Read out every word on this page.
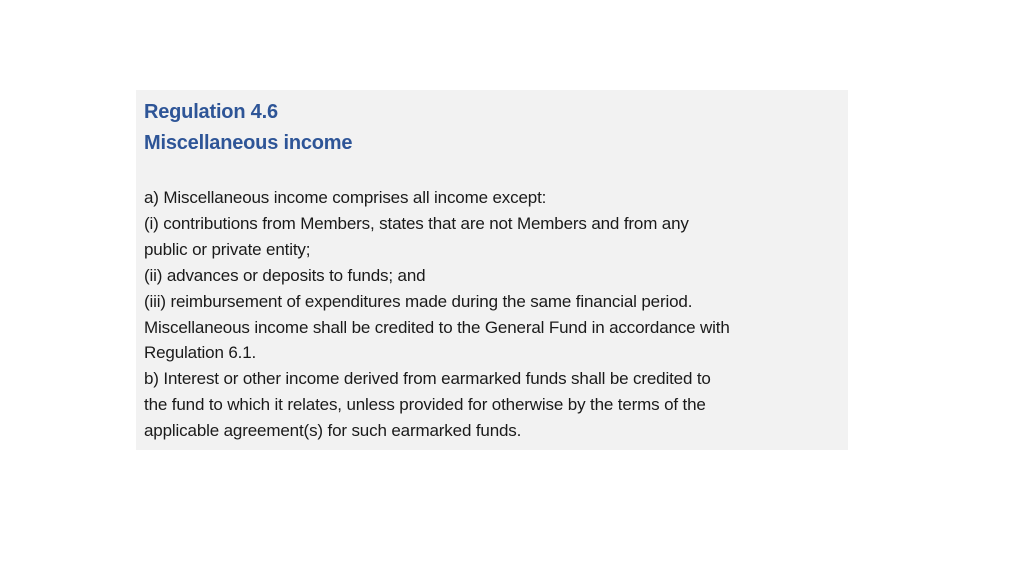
Regulation 4.6
Miscellaneous income
a) Miscellaneous income comprises all income except:
(i) contributions from Members, states that are not Members and from any
public or private entity;
(ii) advances or deposits to funds; and
(iii) reimbursement of expenditures made during the same financial period.
Miscellaneous income shall be credited to the General Fund in accordance with
Regulation 6.1.
b) Interest or other income derived from earmarked funds shall be credited to
the fund to which it relates, unless provided for otherwise by the terms of the
applicable agreement(s) for such earmarked funds.
